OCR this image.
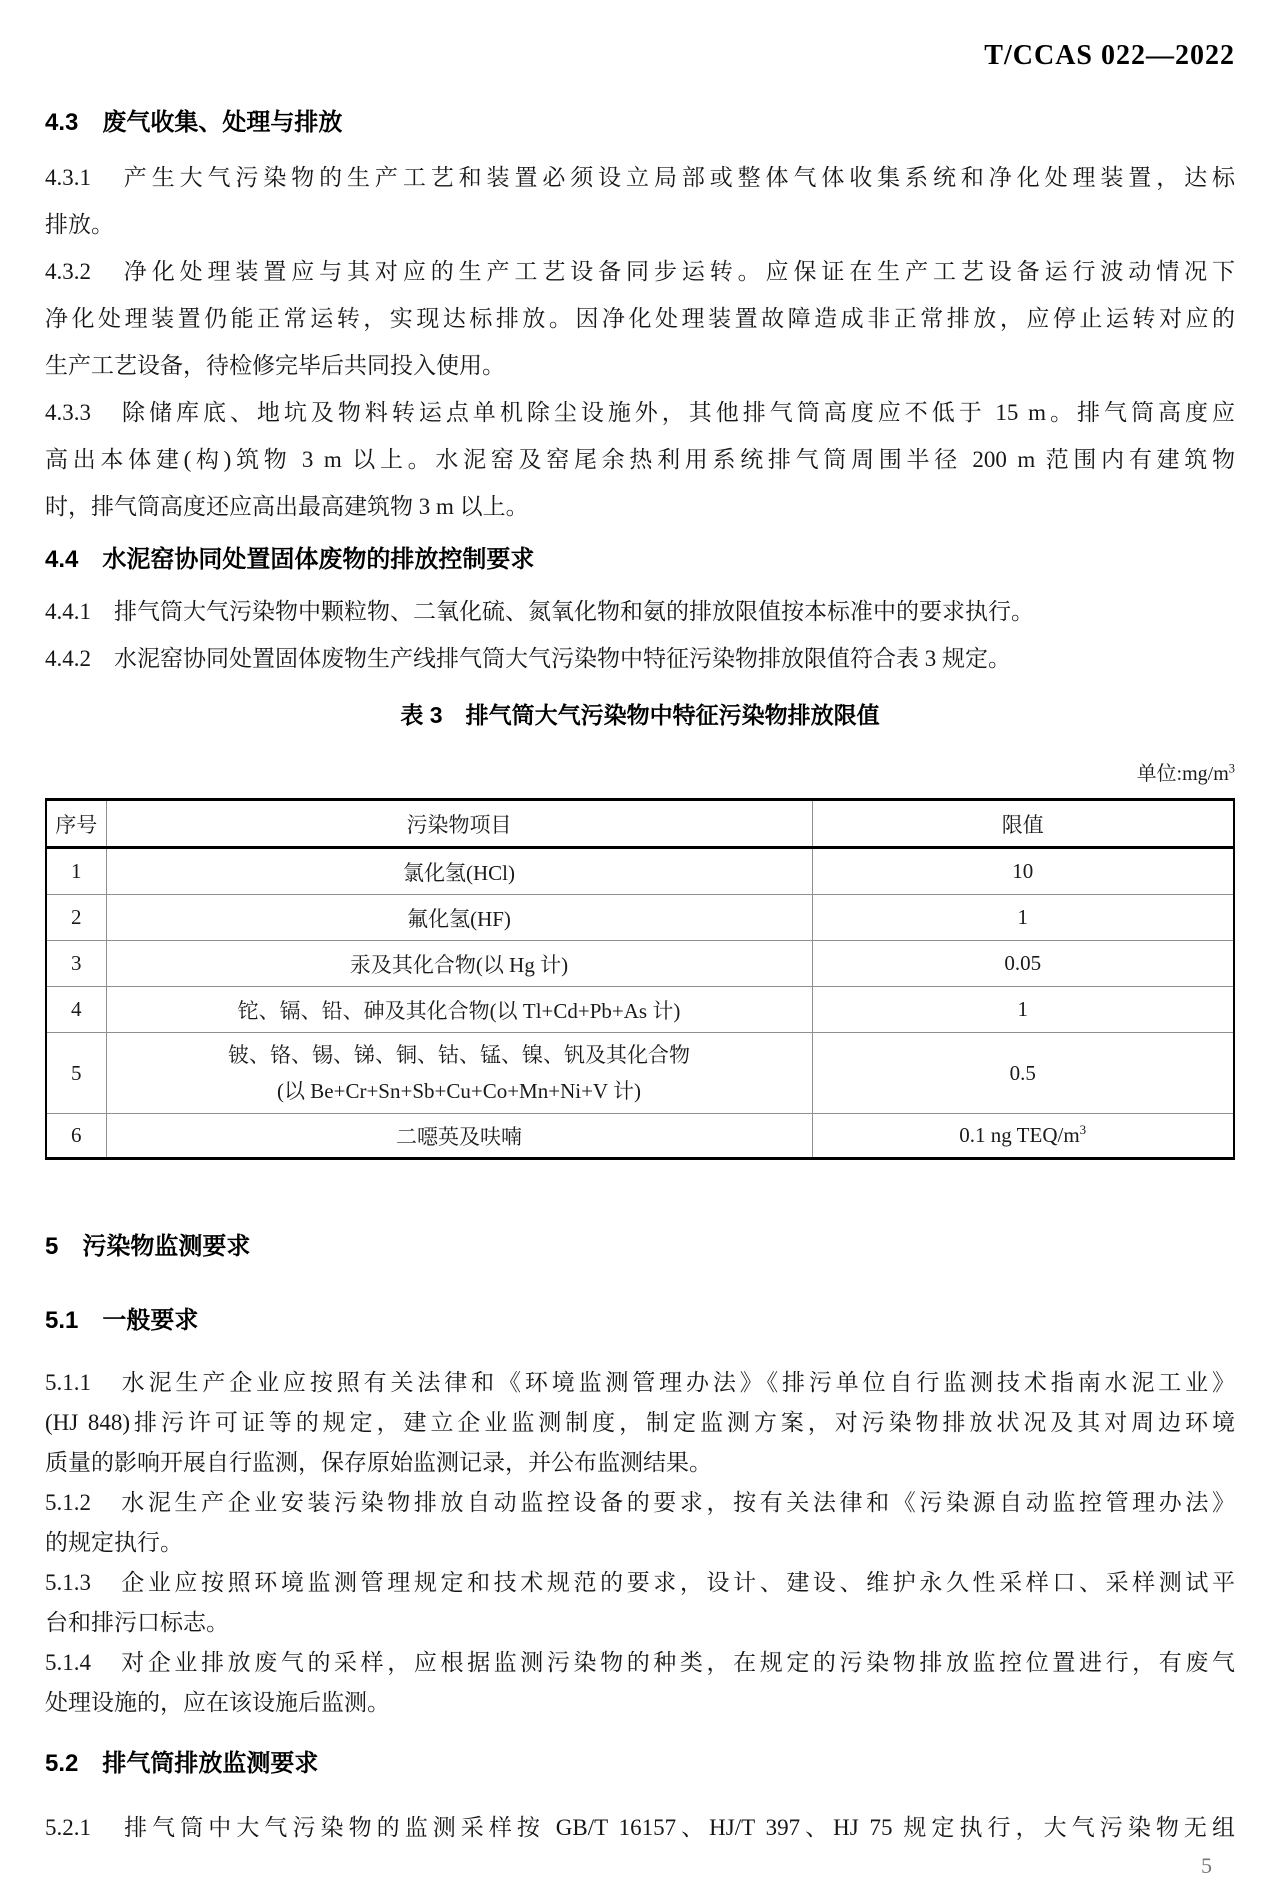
T/CCAS 022—2022
4.3　废气收集、处理与排放
4.3.1　产生大气污染物的生产工艺和装置必须设立局部或整体气体收集系统和净化处理装置，达标
排放。
4.3.2　净化处理装置应与其对应的生产工艺设备同步运转。应保证在生产工艺设备运行波动情况下
净化处理装置仍能正常运转，实现达标排放。因净化处理装置故障造成非正常排放，应停止运转对应的
生产工艺设备，待检修完毕后共同投入使用。
4.3.3　除储库底、地坑及物料转运点单机除尘设施外，其他排气筒高度应不低于 15 m。排气筒高度应
高出本体建(构)筑物 3 m 以上。水泥窑及窑尾余热利用系统排气筒周围半径 200 m 范围内有建筑物
时，排气筒高度还应高出最高建筑物 3 m 以上。
4.4　水泥窑协同处置固体废物的排放控制要求
4.4.1　排气筒大气污染物中颗粒物、二氧化硫、氮氧化物和氨的排放限值按本标准中的要求执行。
4.4.2　水泥窑协同处置固体废物生产线排气筒大气污染物中特征污染物排放限值符合表 3 规定。
表 3　排气筒大气污染物中特征污染物排放限值
单位$:mg/m^3$
序号	污染物项目	限值
1	氯化氢(HCl)	10
2	氟化氢(HF)	1
3	汞及其化合物(以 Hg 计)	0.05
4	铊、镉、铅、砷及其化合物(以 Tl+Cd+Pb+As 计)	1
5	铍、铬、锡、锑、铜、钴、锰、镍、钒及其化合物
(以 Be+Cr+Sn+Sb+Cu+Co+Mn+Ni+V 计)	0.5
6	二噁英及呋喃	0.1 ng TEQ/$m^3$
5　污染物监测要求
5.1　一般要求
5.1.1　水泥生产企业应按照有关法律和《环境监测管理办法》《排污单位自行监测技术指南水泥工业》
(HJ 848)排污许可证等的规定，建立企业监测制度，制定监测方案，对污染物排放状况及其对周边环境
质量的影响开展自行监测，保存原始监测记录，并公布监测结果。
5.1.2　水泥生产企业安装污染物排放自动监控设备的要求，按有关法律和《污染源自动监控管理办法》
的规定执行。
5.1.3　企业应按照环境监测管理规定和技术规范的要求，设计、建设、维护永久性采样口、采样测试平
台和排污口标志。
5.1.4　对企业排放废气的采样，应根据监测污染物的种类，在规定的污染物排放监控位置进行，有废气
处理设施的，应在该设施后监测。
5.2　排气筒排放监测要求
5.2.1　排气筒中大气污染物的监测采样按 GB/T 16157、HJ/T 397、HJ 75 规定执行，大气污染物无组
5
